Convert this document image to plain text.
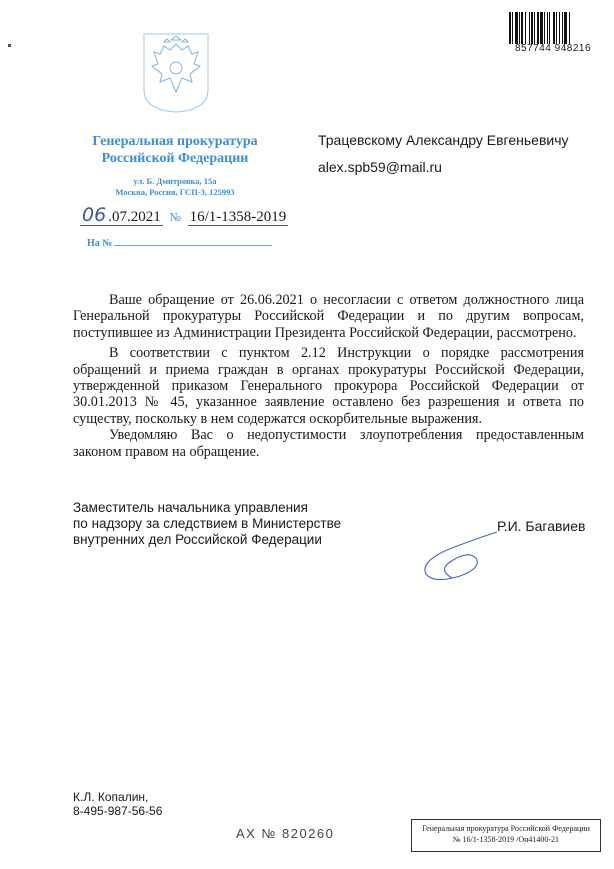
Генеральная прокуратура
Российской Федерации
ул. Б. Дмитровка, 15а
Москва, Россия, ГСП-3, 125993
06 .07.2021 № 16/1-1358-2019
На №
857744 948216
Трацевскому Александру Евгеньевичу
alex.spb59@mail.ru

Ваше обращение от 26.06.2021 о несогласии с ответом должностного лица Генеральной прокуратуры Российской Федерации и по другим вопросам, поступившее из Администрации Президента Российской Федерации, рассмотрено.

В соответствии с пунктом 2.12 Инструкции о порядке рассмотрения обращений и приема граждан в органах прокуратуры Российской Федерации, утвержденной приказом Генерального прокурора Российской Федерации от 30.01.2013 № 45, указанное заявление оставлено без разрешения и ответа по существу, поскольку в нем содержатся оскорбительные выражения.

Уведомляю Вас о недопустимости злоупотребления предоставленным законом правом на обращение.

Заместитель начальника управления
по надзору за следствием в Министерстве
внутренних дел Российской Федерации
Р.И. Багавиев
К.Л. Копалин,
8-495-987-56-56
АХ № 820260	Генеральная прокуратура Российской Федерации
№ 16/1-1358-2019 /Он41400-21
